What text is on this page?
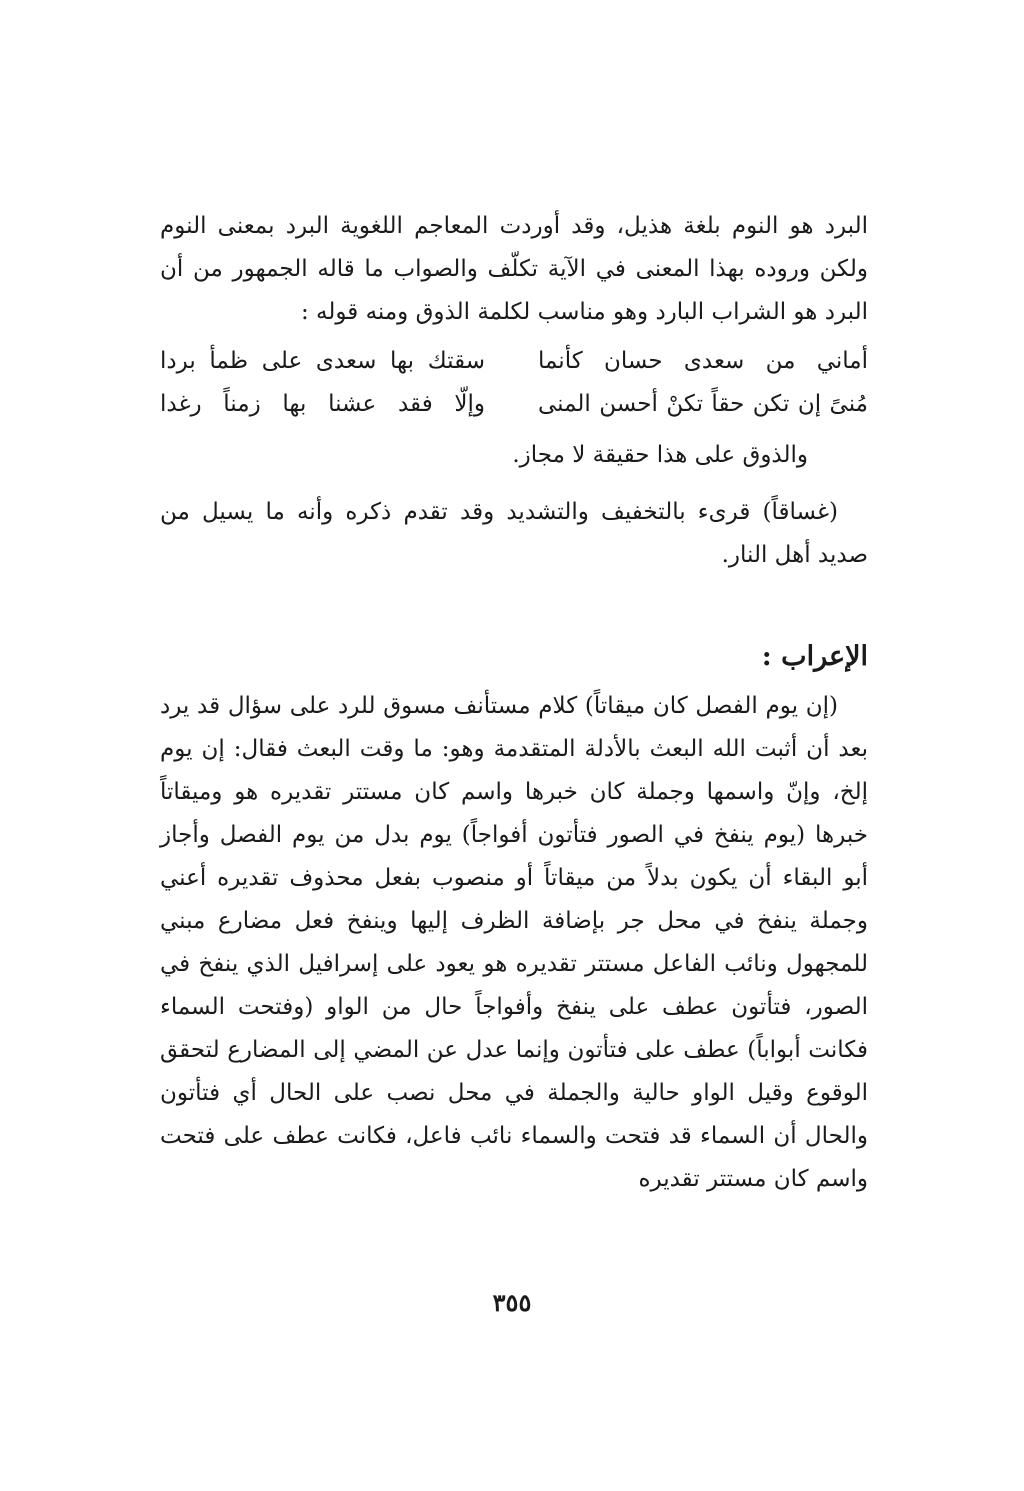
البرد هو النوم بلغة هذيل، وقد أوردت المعاجم اللغوية البرد بمعنى النوم ولكن وروده بهذا المعنى في الآية تكلّف والصواب ما قاله الجمهور من أن البرد هو الشراب البارد وهو مناسب لكلمة الذوق ومنه قوله :

أماني من سعدى حسان كأنما
سقتك بها سعدى على ظمأ بردا
مُنىً إن تكن حقاً تكنْ أحسن المنى
وإلّا فقد عشنا بها زمناً رغدا

والذوق على هذا حقيقة لا مجاز.

(غساقاً) قرىء بالتخفيف والتشديد وقد تقدم ذكره وأنه ما يسيل من صديد أهل النار.

الإعراب :

(إن يوم الفصل كان ميقاتاً) كلام مستأنف مسوق للرد على سؤال قد يرد بعد أن أثبت الله البعث بالأدلة المتقدمة وهو: ما وقت البعث فقال: إن يوم إلخ، وإنّ واسمها وجملة كان خبرها واسم كان مستتر تقديره هو وميقاتاً خبرها (يوم ينفخ في الصور فتأتون أفواجاً) يوم بدل من يوم الفصل وأجاز أبو البقاء أن يكون بدلاً من ميقاتاً أو منصوب بفعل محذوف تقديره أعني وجملة ينفخ في محل جر بإضافة الظرف إليها وينفخ فعل مضارع مبني للمجهول ونائب الفاعل مستتر تقديره هو يعود على إسرافيل الذي ينفخ في الصور، فتأتون عطف على ينفخ وأفواجاً حال من الواو (وفتحت السماء فكانت أبواباً) عطف على فتأتون وإنما عدل عن المضي إلى المضارع لتحقق الوقوع وقيل الواو حالية والجملة في محل نصب على الحال أي فتأتون والحال أن السماء قد فتحت والسماء نائب فاعل، فكانت عطف على فتحت واسم كان مستتر تقديره

٣٥٥
